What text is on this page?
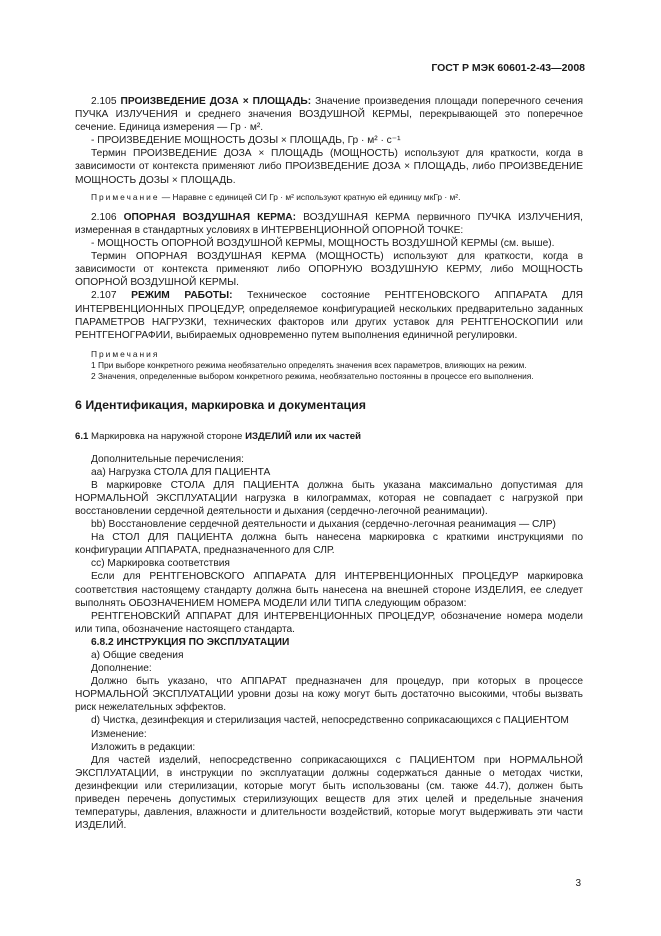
ГОСТ Р МЭК 60601-2-43—2008

2.105 ПРОИЗВЕДЕНИЕ ДОЗА × ПЛОЩАДЬ: Значение произведения площади поперечного сечения ПУЧКА ИЗЛУЧЕНИЯ и среднего значения ВОЗДУШНОЙ КЕРМЫ, перекрывающей это поперечное сечение. Единица измерения — Гр · м².

- ПРОИЗВЕДЕНИЕ МОЩНОСТЬ ДОЗЫ × ПЛОЩАДЬ, Гр · м² · с⁻¹

Термин ПРОИЗВЕДЕНИЕ ДОЗА × ПЛОЩАДЬ (МОЩНОСТЬ) используют для краткости, когда в зависимости от контекста применяют либо ПРОИЗВЕДЕНИЕ ДОЗА × ПЛОЩАДЬ, либо ПРОИЗВЕДЕНИЕ МОЩНОСТЬ ДОЗЫ × ПЛОЩАДЬ.

Примечание — Наравне с единицей СИ Гр · м² используют кратную ей единицу мкГр · м².

2.106 ОПОРНАЯ ВОЗДУШНАЯ КЕРМА: ВОЗДУШНАЯ КЕРМА первичного ПУЧКА ИЗЛУЧЕНИЯ, измеренная в стандартных условиях в ИНТЕРВЕНЦИОННОЙ ОПОРНОЙ ТОЧКЕ:

- МОЩНОСТЬ ОПОРНОЙ ВОЗДУШНОЙ КЕРМЫ, МОЩНОСТЬ ВОЗДУШНОЙ КЕРМЫ (см. выше).

Термин ОПОРНАЯ ВОЗДУШНАЯ КЕРМА (МОЩНОСТЬ) используют для краткости, когда в зависимости от контекста применяют либо ОПОРНУЮ ВОЗДУШНУЮ КЕРМУ, либо МОЩНОСТЬ ОПОРНОЙ ВОЗДУШНОЙ КЕРМЫ.

2.107 РЕЖИМ РАБОТЫ: Техническое состояние РЕНТГЕНОВСКОГО АППАРАТА ДЛЯ ИНТЕРВЕНЦИОННЫХ ПРОЦЕДУР, определяемое конфигурацией нескольких предварительно заданных ПАРАМЕТРОВ НАГРУЗКИ, технических факторов или других уставок для РЕНТГЕНОСКОПИИ или РЕНТГЕНОГРАФИИ, выбираемых одновременно путем выполнения единичной регулировки.

Примечания

1 При выборе конкретного режима необязательно определять значения всех параметров, влияющих на режим.

2 Значения, определенные выбором конкретного режима, необязательно постоянны в процессе его выполнения.

6 Идентификация, маркировка и документация
6.1 Маркировка на наружной стороне ИЗДЕЛИЙ или их частей

Дополнительные перечисления:

аа) Нагрузка СТОЛА ДЛЯ ПАЦИЕНТА

В маркировке СТОЛА ДЛЯ ПАЦИЕНТА должна быть указана максимально допустимая для НОРМАЛЬНОЙ ЭКСПЛУАТАЦИИ нагрузка в килограммах, которая не совпадает с нагрузкой при восстановлении сердечной деятельности и дыхания (сердечно-легочной реанимации).

bb) Восстановление сердечной деятельности и дыхания (сердечно-легочная реанимация — СЛР)

На СТОЛ ДЛЯ ПАЦИЕНТА должна быть нанесена маркировка с краткими инструкциями по конфигурации АППАРАТА, предназначенного для СЛР.

сс) Маркировка соответствия

Если для РЕНТГЕНОВСКОГО АППАРАТА ДЛЯ ИНТЕРВЕНЦИОННЫХ ПРОЦЕДУР маркировка соответствия настоящему стандарту должна быть нанесена на внешней стороне ИЗДЕЛИЯ, ее следует выполнять ОБОЗНАЧЕНИЕМ НОМЕРА МОДЕЛИ ИЛИ ТИПА следующим образом:

РЕНТГЕНОВСКИЙ АППАРАТ ДЛЯ ИНТЕРВЕНЦИОННЫХ ПРОЦЕДУР, обозначение номера модели или типа, обозначение настоящего стандарта.

6.8.2 ИНСТРУКЦИЯ ПО ЭКСПЛУАТАЦИИ

а) Общие сведения

Дополнение:

Должно быть указано, что АППАРАТ предназначен для процедур, при которых в процессе НОРМАЛЬНОЙ ЭКСПЛУАТАЦИИ уровни дозы на кожу могут быть достаточно высокими, чтобы вызвать риск нежелательных эффектов.

d) Чистка, дезинфекция и стерилизация частей, непосредственно соприкасающихся с ПАЦИЕНТОМ

Изменение:

Изложить в редакции:

Для частей изделий, непосредственно соприкасающихся с ПАЦИЕНТОМ при НОРМАЛЬНОЙ ЭКСПЛУАТАЦИИ, в инструкции по эксплуатации должны содержаться данные о методах чистки, дезинфекции или стерилизации, которые могут быть использованы (см. также 44.7), должен быть приведен перечень допустимых стерилизующих веществ для этих целей и предельные значения температуры, давления, влажности и длительности воздействий, которые могут выдерживать эти части ИЗДЕЛИЙ.

3
